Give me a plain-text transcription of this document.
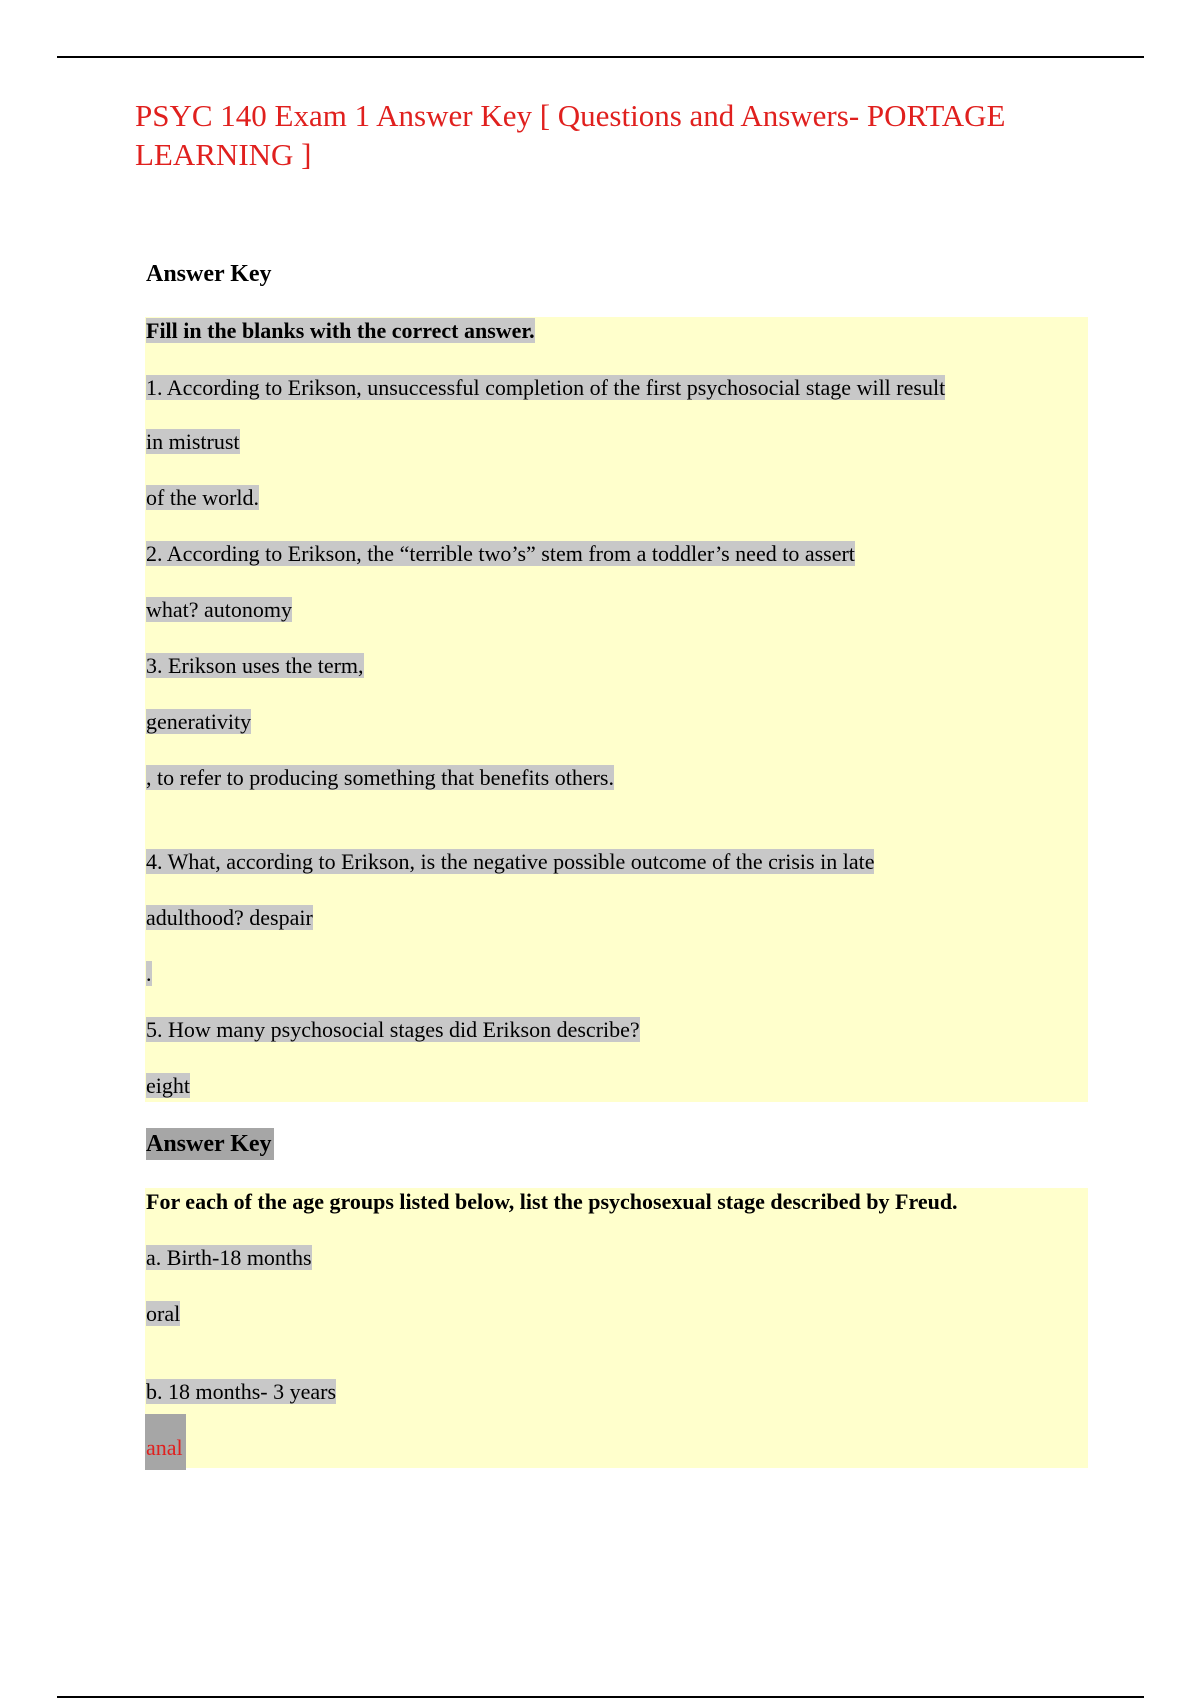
PSYC 140 Exam 1 Answer Key [ Questions and Answers- PORTAGE LEARNING ]
Answer Key
Fill in the blanks with the correct answer.
1. According to Erikson, unsuccessful completion of the first psychosocial stage will result
in mistrust
of the world.
2. According to Erikson, the “terrible two’s” stem from a toddler’s need to assert
what? autonomy
3. Erikson uses the term,
generativity
, to refer to producing something that benefits others.
4. What, according to Erikson, is the negative possible outcome of the crisis in late
adulthood? despair
.
5. How many psychosocial stages did Erikson describe?
eight
Answer Key
For each of the age groups listed below, list the psychosexual stage described by Freud.
a. Birth-18 months
oral
b. 18 months- 3 years
anal
